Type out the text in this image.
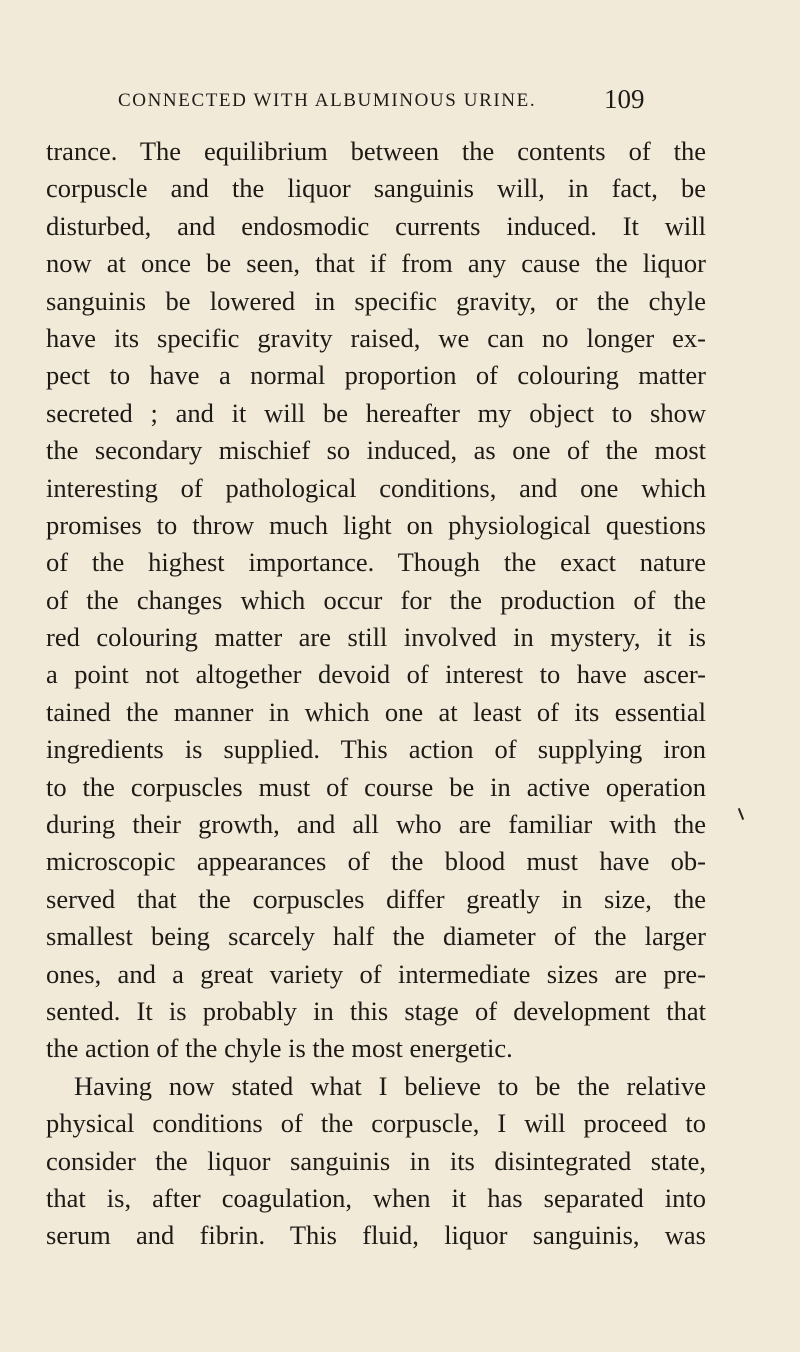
CONNECTED WITH ALBUMINOUS URINE.	109
trance. The equilibrium between the contents of the
corpuscle and the liquor sanguinis will, in fact, be
disturbed, and endosmodic currents induced. It will
now at once be seen, that if from any cause the liquor
sanguinis be lowered in specific gravity, or the chyle
have its specific gravity raised, we can no longer ex-
pect to have a normal proportion of colouring matter
secreted ; and it will be hereafter my object to show
the secondary mischief so induced, as one of the most
interesting of pathological conditions, and one which
promises to throw much light on physiological questions
of the highest importance. Though the exact nature
of the changes which occur for the production of the
red colouring matter are still involved in mystery, it is
a point not altogether devoid of interest to have ascer-
tained the manner in which one at least of its essential
ingredients is supplied. This action of supplying iron
to the corpuscles must of course be in active operation
during their growth, and all who are familiar with the
microscopic appearances of the blood must have ob-
served that the corpuscles differ greatly in size, the
smallest being scarcely half the diameter of the larger
ones, and a great variety of intermediate sizes are pre-
sented. It is probably in this stage of development that
the action of the chyle is the most energetic.
Having now stated what I believe to be the relative
physical conditions of the corpuscle, I will proceed to
consider the liquor sanguinis in its disintegrated state,
that is, after coagulation, when it has separated into
serum and fibrin. This fluid, liquor sanguinis, was
